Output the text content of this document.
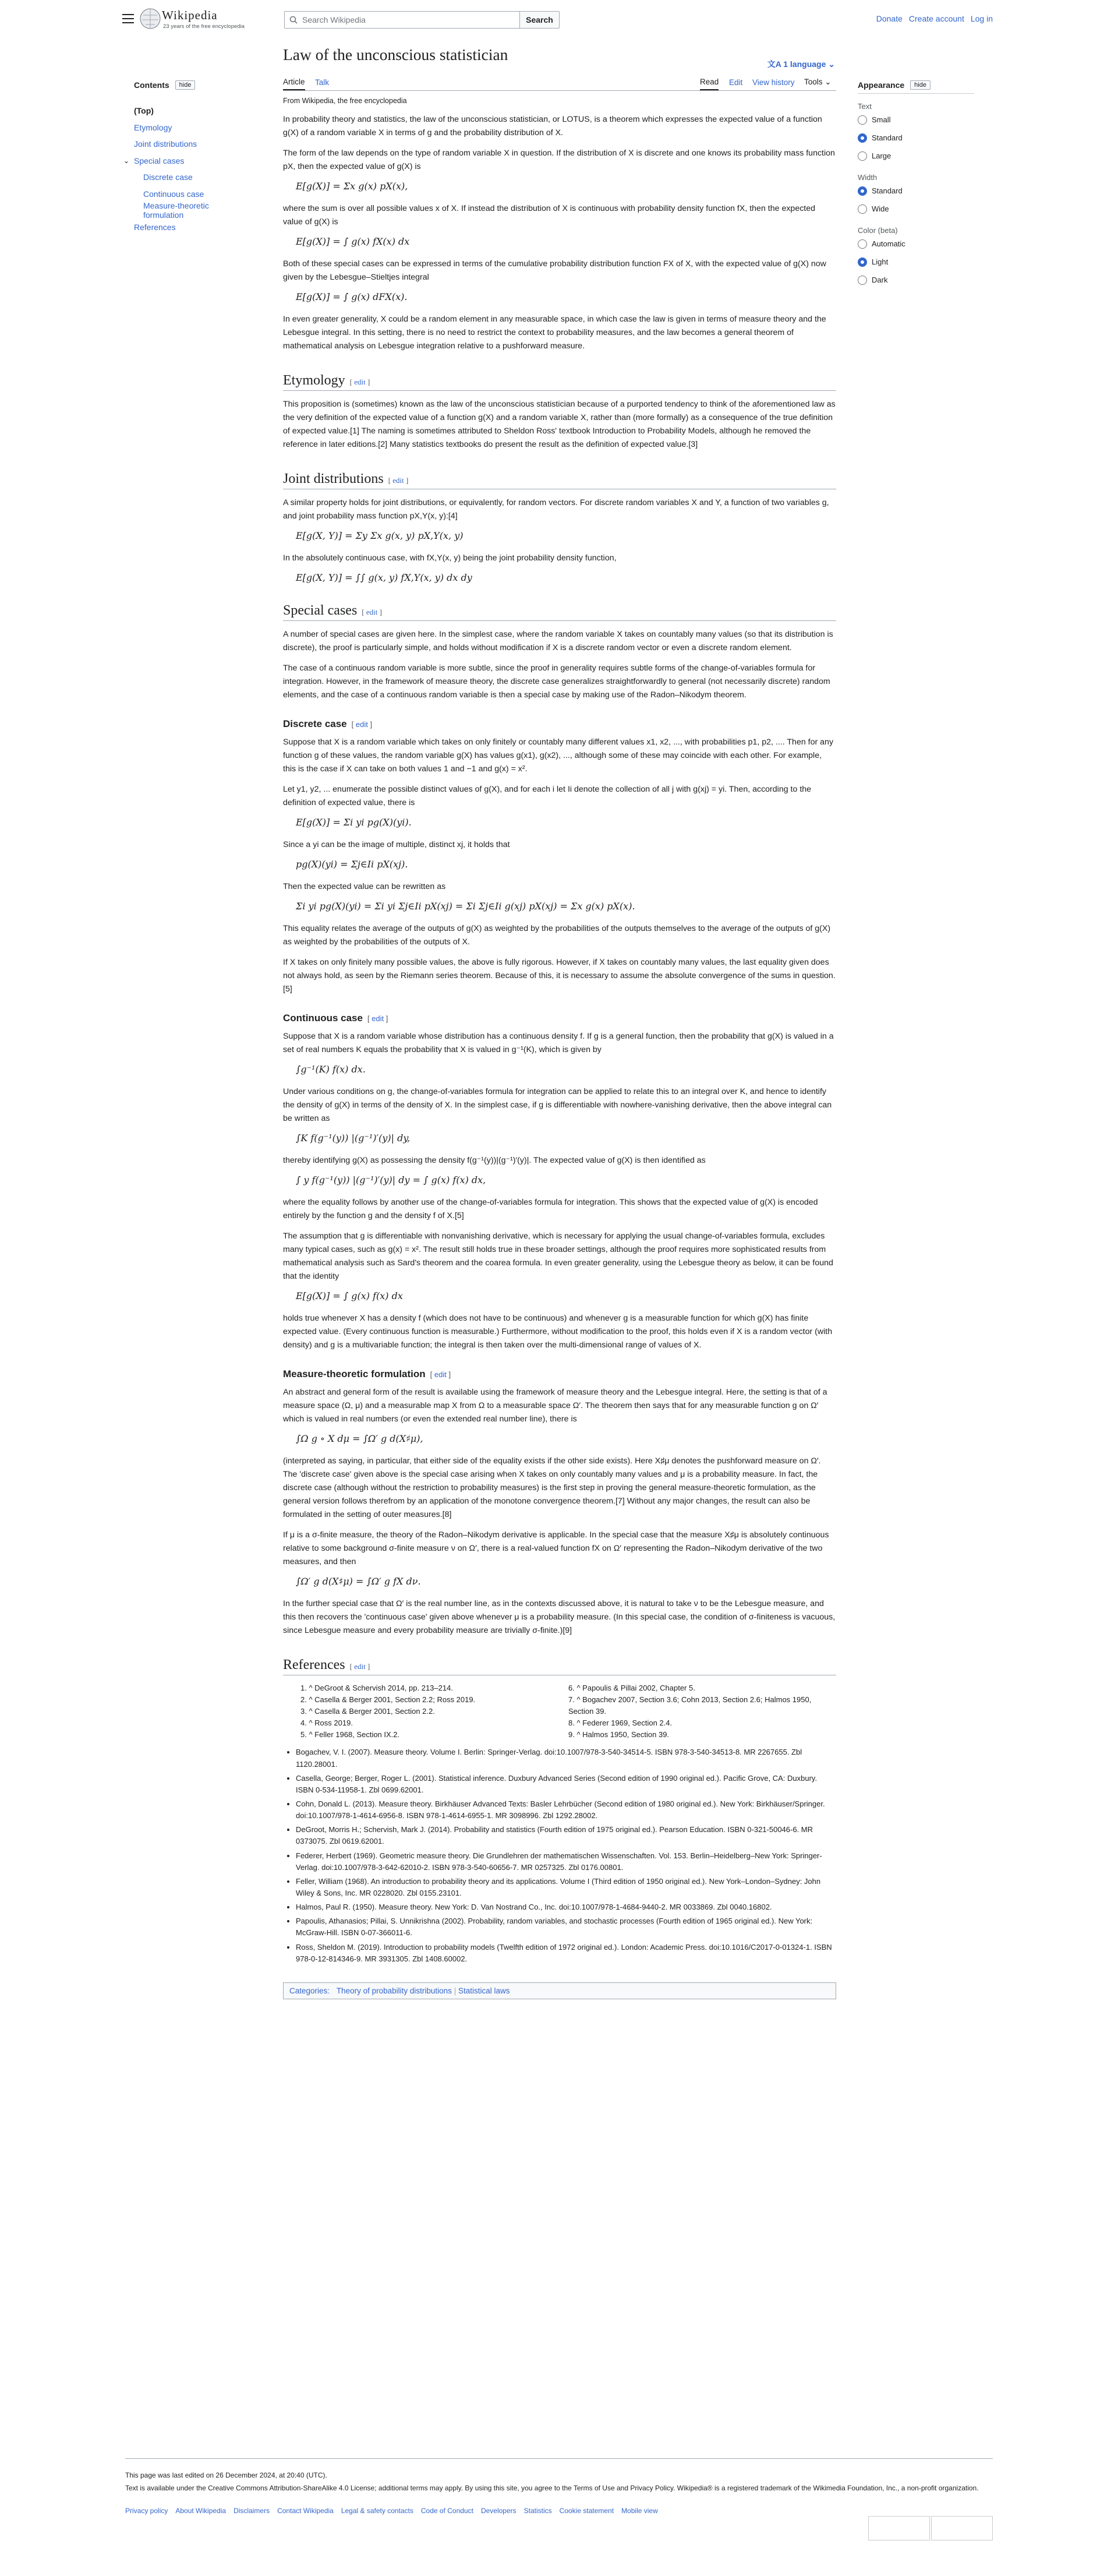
Wikipedia
23 years of the free encyclopedia
Search Wikipedia	Search	Donate Create account Log in
Contents	hide
(Top)
Etymology
Joint distributions
⌄ Special cases
Discrete case
Continuous case
Measure-theoretic formulation
References
Law of the unconscious statistician
文A 1 language ⌄
Article Talk	Read Edit View history Tools ⌄
From Wikipedia, the free encyclopedia

In probability theory and statistics, the law of the unconscious statistician, or LOTUS, is a theorem which expresses the expected value of a function g(X) of a random variable X in terms of g and the probability distribution of X.

The form of the law depends on the type of random variable X in question. If the distribution of X is discrete and one knows its probability mass function pX, then the expected value of g(X) is

E[g(X)] = Σx g(x) pX(x),

where the sum is over all possible values x of X. If instead the distribution of X is continuous with probability density function fX, then the expected value of g(X) is

E[g(X)] = ∫ g(x) fX(x) dx

Both of these special cases can be expressed in terms of the cumulative probability distribution function FX of X, with the expected value of g(X) now given by the Lebesgue–Stieltjes integral

E[g(X)] = ∫ g(x) dFX(x).

In even greater generality, X could be a random element in any measurable space, in which case the law is given in terms of measure theory and the Lebesgue integral. In this setting, there is no need to restrict the context to probability measures, and the law becomes a general theorem of mathematical analysis on Lebesgue integration relative to a pushforward measure.

Etymology [ edit ]

This proposition is (sometimes) known as the law of the unconscious statistician because of a purported tendency to think of the aforementioned law as the very definition of the expected value of a function g(X) and a random variable X, rather than (more formally) as a consequence of the true definition of expected value.[1] The naming is sometimes attributed to Sheldon Ross' textbook Introduction to Probability Models, although he removed the reference in later editions.[2] Many statistics textbooks do present the result as the definition of expected value.[3]

Joint distributions [ edit ]

A similar property holds for joint distributions, or equivalently, for random vectors. For discrete random variables X and Y, a function of two variables g, and joint probability mass function pX,Y(x, y):[4]

E[g(X, Y)] = Σy Σx g(x, y) pX,Y(x, y)

In the absolutely continuous case, with fX,Y(x, y) being the joint probability density function,

E[g(X, Y)] = ∫∫ g(x, y) fX,Y(x, y) dx dy
Special cases [ edit ]

A number of special cases are given here. In the simplest case, where the random variable X takes on countably many values (so that its distribution is discrete), the proof is particularly simple, and holds without modification if X is a discrete random vector or even a discrete random element.

The case of a continuous random variable is more subtle, since the proof in generality requires subtle forms of the change-of-variables formula for integration. However, in the framework of measure theory, the discrete case generalizes straightforwardly to general (not necessarily discrete) random elements, and the case of a continuous random variable is then a special case by making use of the Radon–Nikodym theorem.

Discrete case [ edit ]

Suppose that X is a random variable which takes on only finitely or countably many different values x1, x2, ..., with probabilities p1, p2, .... Then for any function g of these values, the random variable g(X) has values g(x1), g(x2), ..., although some of these may coincide with each other. For example, this is the case if X can take on both values 1 and −1 and g(x) = x².

Let y1, y2, ... enumerate the possible distinct values of g(X), and for each i let Ii denote the collection of all j with g(xj) = yi. Then, according to the definition of expected value, there is

E[g(X)] = Σi yi pg(X)(yi).

Since a yi can be the image of multiple, distinct xj, it holds that

pg(X)(yi) = Σj∈Ii pX(xj).

Then the expected value can be rewritten as

Σi yi pg(X)(yi) = Σi yi Σj∈Ii pX(xj) = Σi Σj∈Ii g(xj) pX(xj) = Σx g(x) pX(x).

This equality relates the average of the outputs of g(X) as weighted by the probabilities of the outputs themselves to the average of the outputs of g(X) as weighted by the probabilities of the outputs of X.

If X takes on only finitely many possible values, the above is fully rigorous. However, if X takes on countably many values, the last equality given does not always hold, as seen by the Riemann series theorem. Because of this, it is necessary to assume the absolute convergence of the sums in question.[5]

Continuous case [ edit ]

Suppose that X is a random variable whose distribution has a continuous density f. If g is a general function, then the probability that g(X) is valued in a set of real numbers K equals the probability that X is valued in g⁻¹(K), which is given by

∫g⁻¹(K) f(x) dx.

Under various conditions on g, the change-of-variables formula for integration can be applied to relate this to an integral over K, and hence to identify the density of g(X) in terms of the density of X. In the simplest case, if g is differentiable with nowhere-vanishing derivative, then the above integral can be written as

∫K f(g⁻¹(y)) |(g⁻¹)′(y)| dy,

thereby identifying g(X) as possessing the density f(g⁻¹(y))|(g⁻¹)′(y)|. The expected value of g(X) is then identified as

∫ y f(g⁻¹(y)) |(g⁻¹)′(y)| dy = ∫ g(x) f(x) dx,

where the equality follows by another use of the change-of-variables formula for integration. This shows that the expected value of g(X) is encoded entirely by the function g and the density f of X.[5]

The assumption that g is differentiable with nonvanishing derivative, which is necessary for applying the usual change-of-variables formula, excludes many typical cases, such as g(x) = x². The result still holds true in these broader settings, although the proof requires more sophisticated results from mathematical analysis such as Sard's theorem and the coarea formula. In even greater generality, using the Lebesgue theory as below, it can be found that the identity

E[g(X)] = ∫ g(x) f(x) dx

holds true whenever X has a density f (which does not have to be continuous) and whenever g is a measurable function for which g(X) has finite expected value. (Every continuous function is measurable.) Furthermore, without modification to the proof, this holds even if X is a random vector (with density) and g is a multivariable function; the integral is then taken over the multi-dimensional range of values of X.

Measure-theoretic formulation [ edit ]

An abstract and general form of the result is available using the framework of measure theory and the Lebesgue integral. Here, the setting is that of a measure space (Ω, μ) and a measurable map X from Ω to a measurable space Ω′. The theorem then says that for any measurable function g on Ω′ which is valued in real numbers (or even the extended real number line), there is

∫Ω g ∘ X dμ = ∫Ω′ g d(X♯μ),

(interpreted as saying, in particular, that either side of the equality exists if the other side exists). Here X♯μ denotes the pushforward measure on Ω′. The 'discrete case' given above is the special case arising when X takes on only countably many values and μ is a probability measure. In fact, the discrete case (although without the restriction to probability measures) is the first step in proving the general measure-theoretic formulation, as the general version follows therefrom by an application of the monotone convergence theorem.[7] Without any major changes, the result can also be formulated in the setting of outer measures.[8]

If μ is a σ-finite measure, the theory of the Radon–Nikodym derivative is applicable. In the special case that the measure X♯μ is absolutely continuous relative to some background σ-finite measure ν on Ω′, there is a real-valued function fX on Ω′ representing the Radon–Nikodym derivative of the two measures, and then

∫Ω′ g d(X♯μ) = ∫Ω′ g fX dν.

In the further special case that Ω′ is the real number line, as in the contexts discussed above, it is natural to take ν to be the Lebesgue measure, and this then recovers the 'continuous case' given above whenever μ is a probability measure. (In this special case, the condition of σ-finiteness is vacuous, since Lebesgue measure and every probability measure are trivially σ-finite.)[9]

References [ edit ]
1. ^ DeGroot & Schervish 2014, pp. 213–214.
2. ^ Casella & Berger 2001, Section 2.2; Ross 2019.
3. ^ Casella & Berger 2001, Section 2.2.
4. ^ Ross 2019.
5. ^ Feller 1968, Section IX.2.
6. ^ Papoulis & Pillai 2002, Chapter 5.
7. ^ Bogachev 2007, Section 3.6; Cohn 2013, Section 2.6; Halmos 1950, Section 39.
8. ^ Federer 1969, Section 2.4.
9. ^ Halmos 1950, Section 39.
• Bogachev, V. I. (2007). Measure theory. Volume I. Berlin: Springer-Verlag. doi:10.1007/978-3-540-34514-5. ISBN 978-3-540-34513-8. MR 2267655. Zbl 1120.28001.
• Casella, George; Berger, Roger L. (2001). Statistical inference. Duxbury Advanced Series (Second edition of 1990 original ed.). Pacific Grove, CA: Duxbury. ISBN 0-534-11958-1. Zbl 0699.62001.
• Cohn, Donald L. (2013). Measure theory. Birkhäuser Advanced Texts: Basler Lehrbücher (Second edition of 1980 original ed.). New York: Birkhäuser/Springer. doi:10.1007/978-1-4614-6956-8. ISBN 978-1-4614-6955-1. MR 3098996. Zbl 1292.28002.
• DeGroot, Morris H.; Schervish, Mark J. (2014). Probability and statistics (Fourth edition of 1975 original ed.). Pearson Education. ISBN 0-321-50046-6. MR 0373075. Zbl 0619.62001.
• Federer, Herbert (1969). Geometric measure theory. Die Grundlehren der mathematischen Wissenschaften. Vol. 153. Berlin–Heidelberg–New York: Springer-Verlag. doi:10.1007/978-3-642-62010-2. ISBN 978-3-540-60656-7. MR 0257325. Zbl 0176.00801.
• Feller, William (1968). An introduction to probability theory and its applications. Volume I (Third edition of 1950 original ed.). New York–London–Sydney: John Wiley & Sons, Inc. MR 0228020. Zbl 0155.23101.
• Halmos, Paul R. (1950). Measure theory. New York: D. Van Nostrand Co., Inc. doi:10.1007/978-1-4684-9440-2. MR 0033869. Zbl 0040.16802.
• Papoulis, Athanasios; Pillai, S. Unnikrishna (2002). Probability, random variables, and stochastic processes (Fourth edition of 1965 original ed.). New York: McGraw-Hill. ISBN 0-07-366011-6.
• Ross, Sheldon M. (2019). Introduction to probability models (Twelfth edition of 1972 original ed.). London: Academic Press. doi:10.1016/C2017-0-01324-1. ISBN 978-0-12-814346-9. MR 3931305. Zbl 1408.60002.
Categories: Theory of probability distributions | Statistical laws
Appearance	hide
Text
Small
Standard
Large
Width
Standard
Wide
Color (beta)
Automatic
Light
Dark
This page was last edited on 26 December 2024, at 20:40 (UTC).
Text is available under the Creative Commons Attribution-ShareAlike 4.0 License; additional terms may apply. By using this site, you agree to the Terms of Use and Privacy Policy. Wikipedia® is a registered trademark of the Wikimedia Foundation, Inc., a non-profit organization.
Privacy policy About Wikipedia Disclaimers Contact Wikipedia Legal & safety contacts Code of Conduct Developers Statistics Cookie statement Mobile view
